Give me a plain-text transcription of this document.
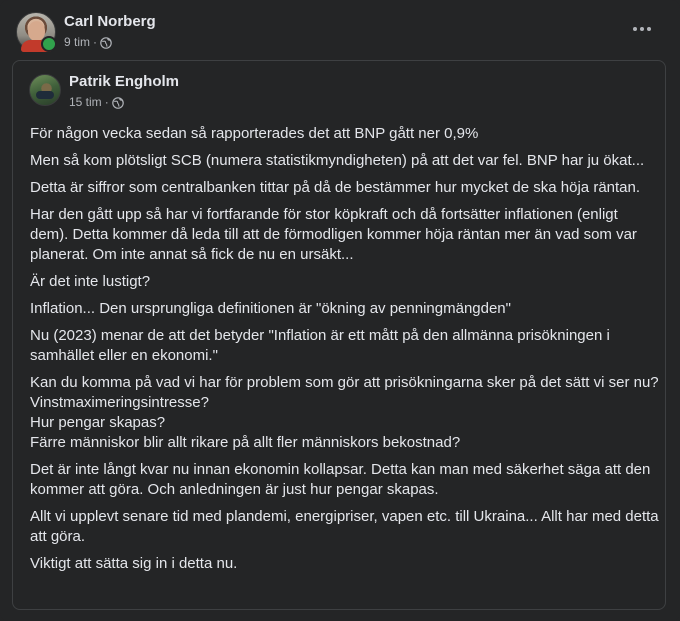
Carl Norberg
9 tim ·
Patrik Engholm
15 tim ·

För någon vecka sedan så rapporterades det att BNP gått ner 0,9%

Men så kom plötsligt SCB (numera statistikmyndigheten) på att det var fel. BNP har ju ökat...

Detta är siffror som centralbanken tittar på då de bestämmer hur mycket de ska höja räntan.

Har den gått upp så har vi fortfarande för stor köpkraft och då fortsätter inflationen (enligt dem). Detta kommer då leda till att de förmodligen kommer höja räntan mer än vad som var planerat. Om inte annat så fick de nu en ursäkt...

Är det inte lustigt?

Inflation... Den ursprungliga definitionen är "ökning av penningmängden"

Nu (2023) menar de att det betyder "Inflation är ett mått på den allmänna prisökningen i samhället eller en ekonomi."

Kan du komma på vad vi har för problem som gör att prisökningarna sker på det sätt vi ser nu?
Vinstmaximeringsintresse?
Hur pengar skapas?
Färre människor blir allt rikare på allt fler människors bekostnad?

Det är inte långt kvar nu innan ekonomin kollapsar. Detta kan man med säkerhet säga att den kommer att göra. Och anledningen är just hur pengar skapas.

Allt vi upplevt senare tid med plandemi, energipriser, vapen etc. till Ukraina... Allt har med detta att göra.

Viktigt att sätta sig in i detta nu.
